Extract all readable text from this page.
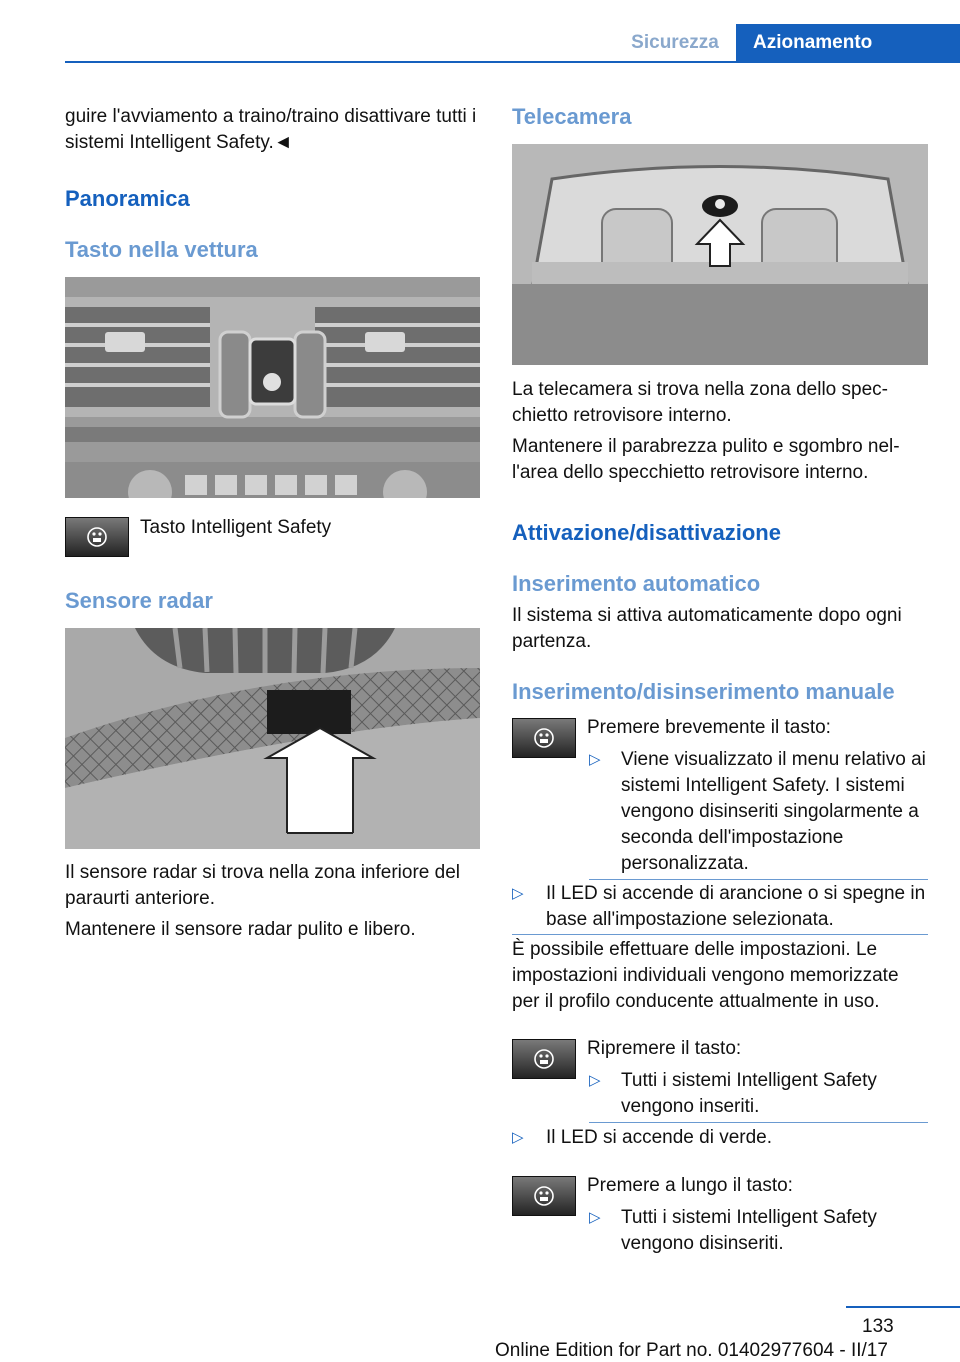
Sicurezza	Azionamento
guire l'avviamento a traino/traino disattivare tutti i sistemi Intelligent Safety.◄
Panoramica
Tasto nella vettura
Tasto Intelligent Safety
Sensore radar
Il sensore radar si trova nella zona inferiore del paraurti anteriore.
Mantenere il sensore radar pulito e libero.
Telecamera
La telecamera si trova nella zona dello specchietto retrovisore interno.
Mantenere il parabrezza pulito e sgombro nell'area dello specchietto retrovisore interno.
Attivazione/disattivazione
Inserimento automatico
Il sistema si attiva automaticamente dopo ogni partenza.
Inserimento/disinserimento manuale
Premere brevemente il tasto:
▷ Viene visualizzato il menu relativo ai sistemi Intelligent Safety. I sistemi vengono disinseriti singolarmente a seconda dell'impostazione personalizzata.
▷ Il LED si accende di arancione o si spegne in base all'impostazione selezionata.
È possibile effettuare delle impostazioni. Le impostazioni individuali vengono memorizzate per il profilo conducente attualmente in uso.
Ripremere il tasto:
▷ Tutti i sistemi Intelligent Safety vengono inseriti.
▷ Il LED si accende di verde.
Premere a lungo il tasto:
▷ Tutti i sistemi Intelligent Safety vengono disinseriti.
133
Online Edition for Part no. 01402977604 - II/17
